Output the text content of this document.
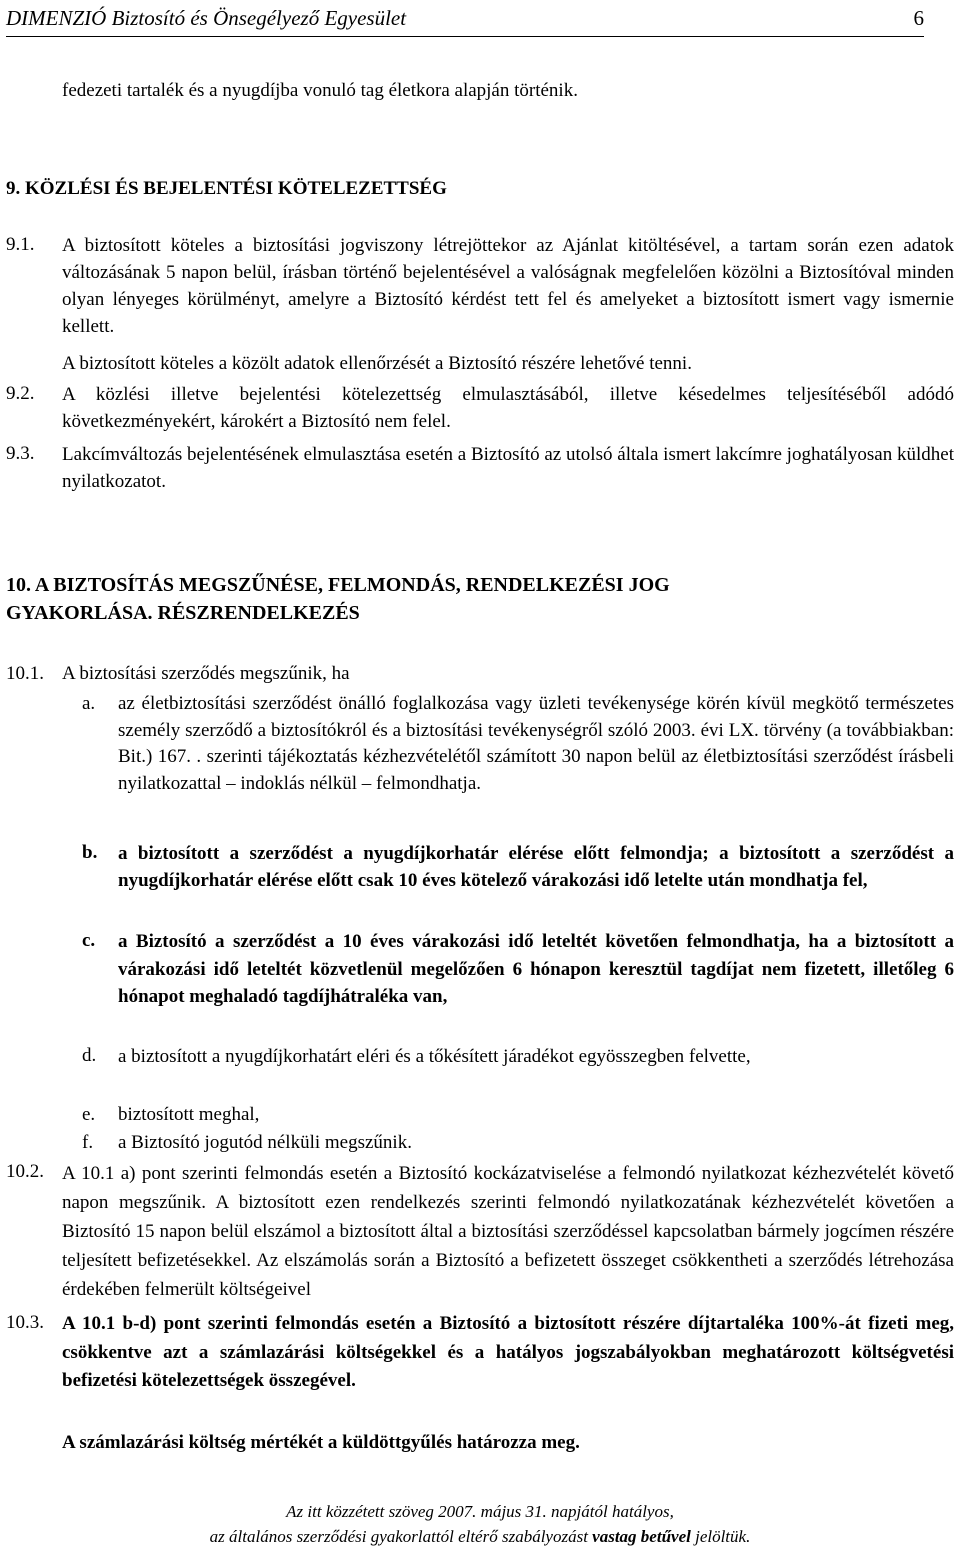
DIMENZIÓ Biztosító és Önsegélyező Egyesület	6
fedezeti tartalék és a nyugdíjba vonuló tag életkora alapján történik.
9. KÖZLÉSI ÉS BEJELENTÉSI KÖTELEZETTSÉG
9.1. A biztosított köteles a biztosítási jogviszony létrejöttekor az Ajánlat kitöltésével, a tartam során ezen adatok változásának 5 napon belül, írásban történő bejelentésével a valóságnak megfelelően közölni a Biztosítóval minden olyan lényeges körülményt, amelyre a Biztosító kérdést tett fel és amelyeket a biztosított ismert vagy ismernie kellett.
A biztosított köteles a közölt adatok ellenőrzését a Biztosító részére lehetővé tenni.
9.2. A közlési illetve bejelentési kötelezettség elmulasztásából, illetve késedelmes teljesítéséből adódó következményekért, károkért a Biztosító nem felel.
9.3. Lakcímváltozás bejelentésének elmulasztása esetén a Biztosító az utolsó általa ismert lakcímre joghatályosan küldhet nyilatkozatot.
10. A BIZTOSÍTÁS MEGSZŰNÉSE, FELMONDÁS, RENDELKEZÉSI JOG
GYAKORLÁSA. RÉSZRENDELKEZÉS
10.1. A biztosítási szerződés megszűnik, ha
a. az életbiztosítási szerződést önálló foglalkozása vagy üzleti tevékenysége körén kívül megkötő természetes személy szerződő a biztosítókról és a biztosítási tevékenységről szóló 2003. évi LX. törvény (a továbbiakban: Bit.) 167. . szerinti tájékoztatás kézhezvételétől számított 30 napon belül az életbiztosítási szerződést írásbeli nyilatkozattal – indoklás nélkül – felmondhatja.
b. a biztosított a szerződést a nyugdíjkorhatár elérése előtt felmondja; a biztosított a szerződést a nyugdíjkorhatár elérése előtt csak 10 éves kötelező várakozási idő letelte után mondhatja fel,
c. a Biztosító a szerződést a 10 éves várakozási idő leteltét követően felmondhatja, ha a biztosított a várakozási idő leteltét közvetlenül megelőzően 6 hónapon keresztül tagdíjat nem fizetett, illetőleg 6 hónapot meghaladó tagdíjhátraléka van,
d. a biztosított a nyugdíjkorhatárt eléri és a tőkésített járadékot egyösszegben felvette,
e. biztosított meghal,
f. a Biztosító jogutód nélküli megszűnik.
10.2. A 10.1 a) pont szerinti felmondás esetén a Biztosító kockázatviselése a felmondó nyilatkozat kézhezvételét követő napon megszűnik. A biztosított ezen rendelkezés szerinti felmondó nyilatkozatának kézhezvételét követően a Biztosító 15 napon belül elszámol a biztosított által a biztosítási szerződéssel kapcsolatban bármely jogcímen részére teljesített befizetésekkel. Az elszámolás során a Biztosító a befizetett összeget csökkentheti a szerződés létrehozása érdekében felmerült költségeivel
10.3. A 10.1 b-d) pont szerinti felmondás esetén a Biztosító a biztosított részére díjtartaléka 100%-át fizeti meg, csökkentve azt a számlazárási költségekkel és a hatályos jogszabályokban meghatározott költségvetési befizetési kötelezettségek összegével.
A számlazárási költség mértékét a küldöttgyűlés határozza meg.
Az itt közzétett szöveg 2007. május 31. napjától hatályos,
az általános szerződési gyakorlattól eltérő szabályozást vastag betűvel jelöltük.
